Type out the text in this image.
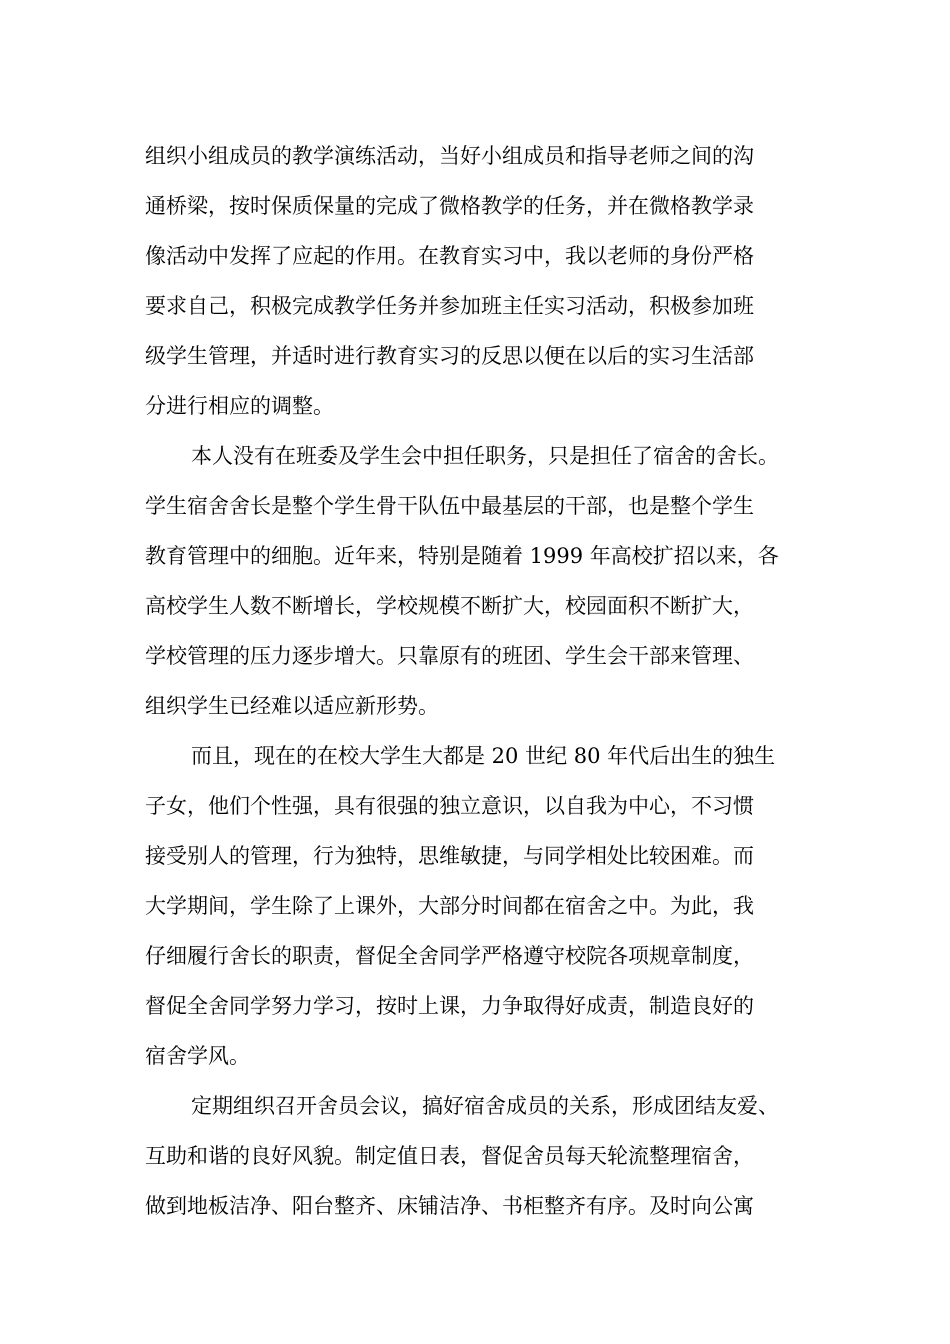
组织小组成员的教学演练活动，当好小组成员和指导老师之间的沟
通桥梁，按时保质保量的完成了微格教学的任务，并在微格教学录
像活动中发挥了应起的作用。在教育实习中，我以老师的身份严格
要求自己，积极完成教学任务并参加班主任实习活动，积极参加班
级学生管理，并适时进行教育实习的反思以便在以后的实习生活部
分进行相应的调整。
本人没有在班委及学生会中担任职务，只是担任了宿舍的舍长。
学生宿舍舍长是整个学生骨干队伍中最基层的干部，也是整个学生
教育管理中的细胞。近年来，特别是随着 1999 年高校扩招以来，各
高校学生人数不断增长，学校规模不断扩大，校园面积不断扩大，
学校管理的压力逐步增大。只靠原有的班团、学生会干部来管理、
组织学生已经难以适应新形势。
而且，现在的在校大学生大都是 20 世纪 80 年代后出生的独生
子女，他们个性强，具有很强的独立意识，以自我为中心，不习惯
接受别人的管理，行为独特，思维敏捷，与同学相处比较困难。而
大学期间，学生除了上课外，大部分时间都在宿舍之中。为此，我
仔细履行舍长的职责，督促全舍同学严格遵守校院各项规章制度，
督促全舍同学努力学习，按时上课，力争取得好成责，制造良好的
宿舍学风。
定期组织召开舍员会议，搞好宿舍成员的关系，形成团结友爱、
互助和谐的良好风貌。制定值日表，督促舍员每天轮流整理宿舍，
做到地板洁净、阳台整齐、床铺洁净、书柜整齐有序。及时向公寓
